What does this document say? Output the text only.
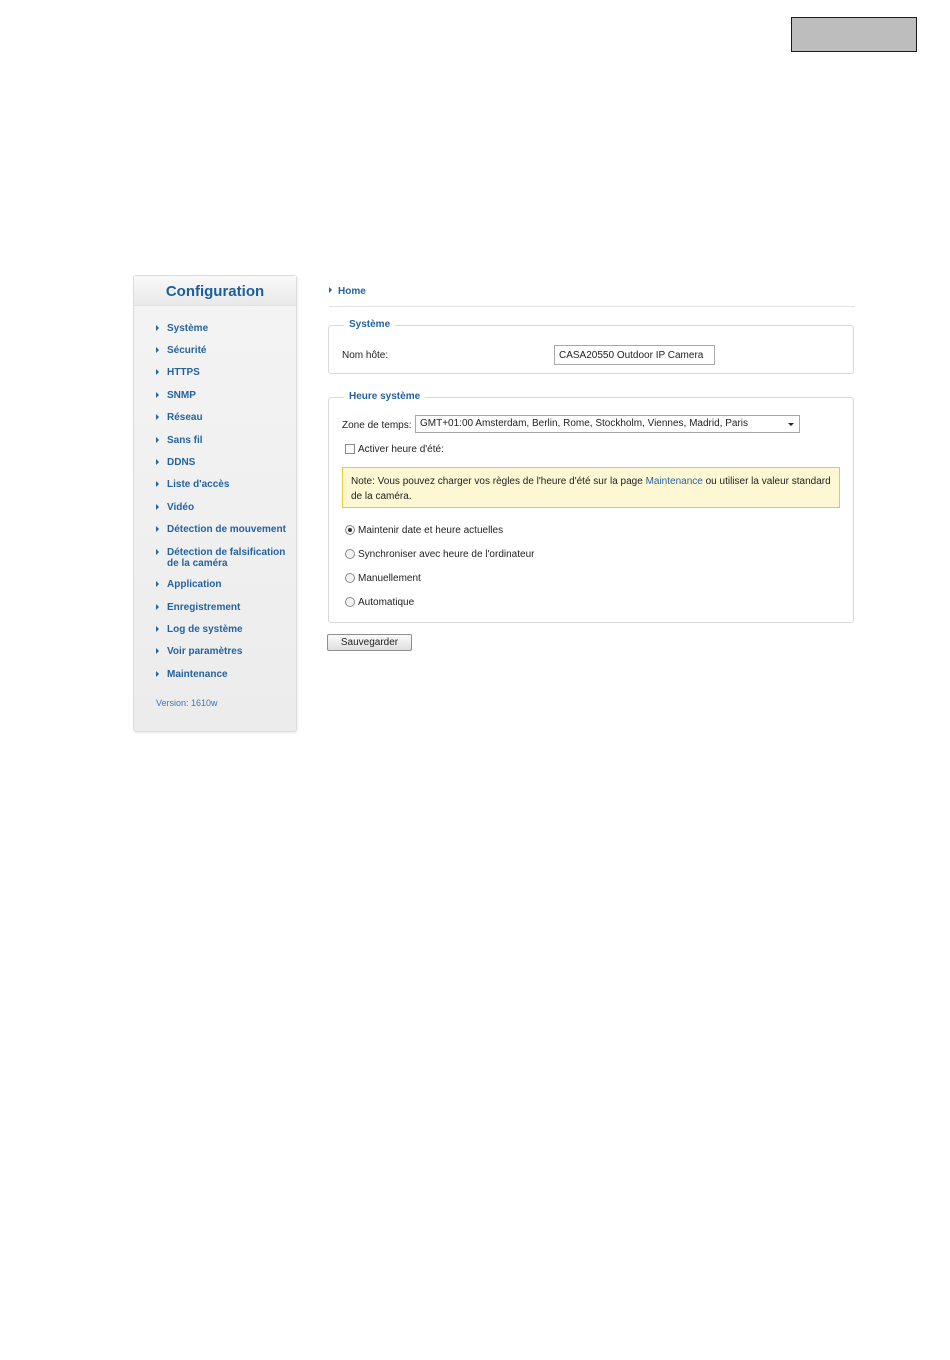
Configuration
Système
Sécurité
HTTPS
SNMP
Réseau
Sans fil
DDNS
Liste d'accès
Vidéo
Détection de mouvement
Détection de falsification de la caméra
Application
Enregistrement
Log de système
Voir paramètres
Maintenance
Version: 1610w
Home
Système
Nom hôte:
CASA20550 Outdoor IP Camera
Heure système
Zone de temps: GMT+01:00 Amsterdam, Berlin, Rome, Stockholm, Viennes, Madrid, Paris
Activer heure d'été:
Note: Vous pouvez charger vos règles de l'heure d'été sur la page Maintenance ou utiliser la valeur standard de la caméra.
Maintenir date et heure actuelles
Synchroniser avec heure de l'ordinateur
Manuellement
Automatique
Sauvegarder
